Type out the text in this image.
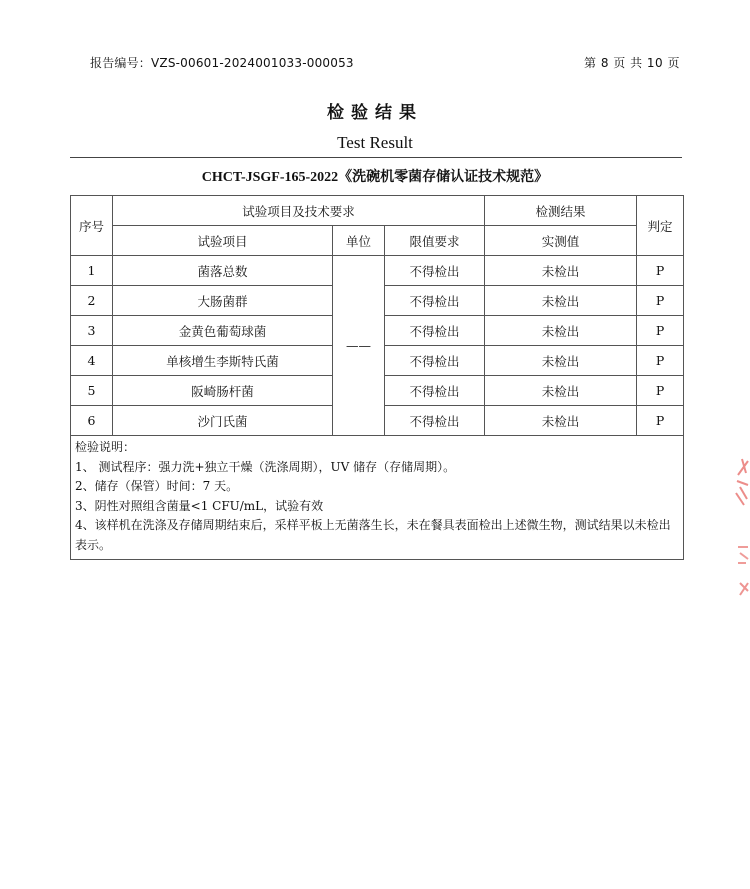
报告编号：VZS-00601-2024001033-000053	第 8 页 共 10 页
检验结果
Test Result
CHCT-JSGF-165-2022《洗碗机零菌存储认证技术规范》
序号	试验项目及技术要求			检测结果	判定
	试验项目	单位	限值要求	实测值	
1	菌落总数	——	不得检出	未检出	P
2	大肠菌群		不得检出	未检出	P
3	金黄色葡萄球菌		不得检出	未检出	P
4	单核增生李斯特氏菌		不得检出	未检出	P
5	阪崎肠杆菌		不得检出	未检出	P
6	沙门氏菌		不得检出	未检出	P

检验说明：
1、 测试程序：强力洗+独立干燥（洗涤周期），UV 储存（存储周期）。
2、储存（保管）时间：7 天。
3、阴性对照组含菌量<1 CFU/mL，试验有效
4、该样机在洗涤及存储周期结束后，采样平板上无菌落生长，未在餐具表面检出上述微生物，测试结果以未检出表示。					
